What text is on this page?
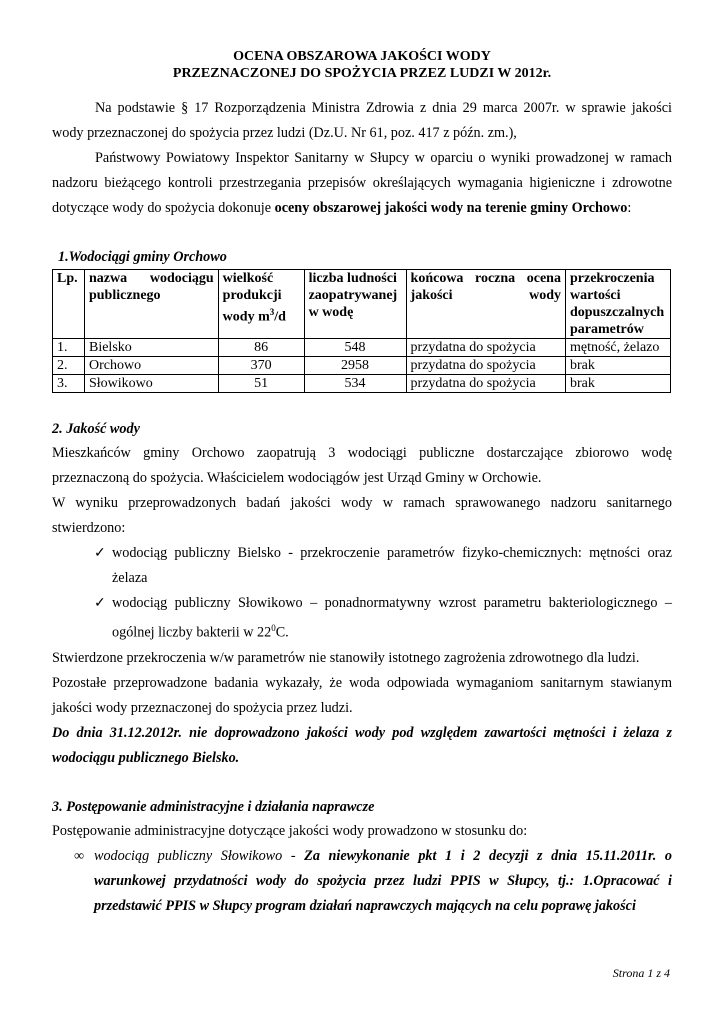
OCENA OBSZAROWA JAKOŚCI WODY
PRZEZNACZONEJ DO SPOŻYCIA PRZEZ LUDZI W 2012r.

Na podstawie § 17 Rozporządzenia Ministra Zdrowia z dnia 29 marca 2007r. w sprawie jakości wody przeznaczonej do spożycia przez ludzi (Dz.U. Nr 61, poz. 417 z późn. zm.),

Państwowy Powiatowy Inspektor Sanitarny w Słupcy w oparciu o wyniki prowadzonej w ramach nadzoru bieżącego kontroli przestrzegania przepisów określających wymagania higieniczne i zdrowotne dotyczące wody do spożycia dokonuje oceny obszarowej jakości wody na terenie gminy Orchowo:

1.Wodociągi gminy Orchowo
Lp.	nazwa wodociągu publicznego	wielkość produkcji wody $m^3/d$	liczba ludności zaopatrywanej w wodę	końcowa roczna ocena jakości wody	przekroczenia wartości dopuszczalnych parametrów
1.	Bielsko	86	548	przydatna do spożycia	mętność, żelazo
2.	Orchowo	370	2958	przydatna do spożycia	brak
3.	Słowikowo	51	534	przydatna do spożycia	brak
2. Jakość wody

Mieszkańców gminy Orchowo zaopatrują 3 wodociągi publiczne dostarczające zbiorowo wodę przeznaczoną do spożycia. Właścicielem wodociągów jest Urząd Gminy w Orchowie.

W wyniku przeprowadzonych badań jakości wody w ramach sprawowanego nadzoru sanitarnego stwierdzono:

✓ wodociąg publiczny Bielsko - przekroczenie parametrów fizyko-chemicznych: mętności oraz żelaza
✓ wodociąg publiczny Słowikowo – ponadnormatywny wzrost parametru bakteriologicznego – ogólnej liczby bakterii w $22^0C$.

Stwierdzone przekroczenia w/w parametrów nie stanowiły istotnego zagrożenia zdrowotnego dla ludzi.

Pozostałe przeprowadzone badania wykazały, że woda odpowiada wymaganiom sanitarnym stawianym jakości wody przeznaczonej do spożycia przez ludzi.

Do dnia 31.12.2012r. nie doprowadzono jakości wody pod względem zawartości mętności i żelaza z wodociągu publicznego Bielsko.

3. Postępowanie administracyjne i działania naprawcze

Postępowanie administracyjne dotyczące jakości wody prowadzono w stosunku do:

∞ wodociąg publiczny Słowikowo - Za niewykonanie pkt 1 i 2 decyzji z dnia 15.11.2011r. o warunkowej przydatności wody do spożycia przez ludzi PPIS w Słupcy, tj.: 1.Opracować i przedstawić PPIS w Słupcy program działań naprawczych mających na celu poprawę jakości
Strona 1 z 4
